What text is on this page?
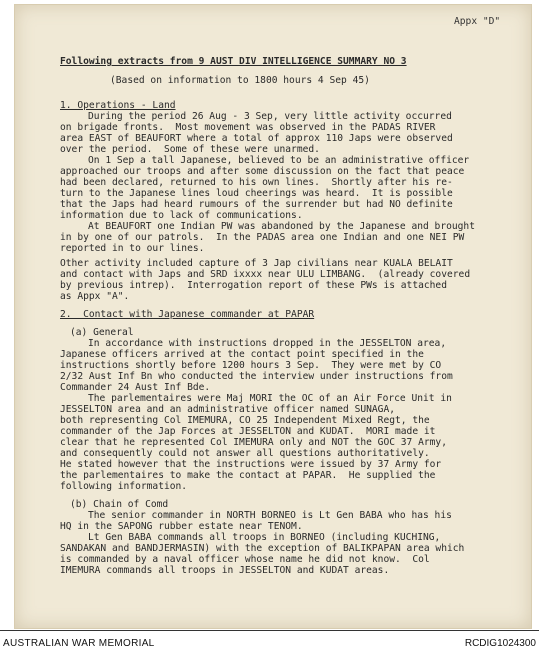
Appx "D"
Following extracts from 9 AUST DIV INTELLIGENCE SUMMARY NO 3
(Based on information to 1800 hours 4 Sep 45)
1. Operations - Land
During the period 26 Aug - 3 Sep, very little activity occurred
on brigade fronts.  Most movement was observed in the PADAS RIVER
area EAST of BEAUFORT where a total of approx 110 Japs were observed
over the period.  Some of these were unarmed.
On 1 Sep a tall Japanese, believed to be an administrative officer
approached our troops and after some discussion on the fact that peace
had been declared, returned to his own lines.  Shortly after his re-
turn to the Japanese lines loud cheerings was heard.  It is possible
that the Japs had heard rumours of the surrender but had NO definite
information due to lack of communications.
At BEAUFORT one Indian PW was abandoned by the Japanese and brought
in by one of our patrols.  In the PADAS area one Indian and one NEI PW
reported in to our lines.
Other activity included capture of 3 Jap civilians near KUALA BELAIT
and contact with Japs and SRD ixxxx near ULU LIMBANG.  (already covered
by previous intrep).  Interrogation report of these PWs is attached
as Appx "A".
2.  Contact with Japanese commander at PAPAR
(a) General
In accordance with instructions dropped in the JESSELTON area,
Japanese officers arrived at the contact point specified in the
instructions shortly before 1200 hours 3 Sep.  They were met by CO
2/32 Aust Inf Bn who conducted the interview under instructions from
Commander 24 Aust Inf Bde.
The parlementaires were Maj MORI the OC of an Air Force Unit in
JESSELTON area and an administrative officer named SUNAGA,
both representing Col IMEMURA, CO 25 Independent Mixed Regt, the
commander of the Jap Forces at JESSELTON and KUDAT.  MORI made it
clear that he represented Col IMEMURA only and NOT the GOC 37 Army,
and consequently could not answer all questions authoritatively.
He stated however that the instructions were issued by 37 Army for
the parlementaires to make the contact at PAPAR.  He supplied the
following information.
(b) Chain of Comd
The senior commander in NORTH BORNEO is Lt Gen BABA who has his
HQ in the SAPONG rubber estate near TENOM.
Lt Gen BABA commands all troops in BORNEO (including KUCHING,
SANDAKAN and BANDJERMASIN) with the exception of BALIKPAPAN area which
is commanded by a naval officer whose name he did not know.  Col
IMEMURA commands all troops in JESSELTON and KUDAT areas.
AUSTRALIAN WAR MEMORIAL	RCDIG1024300
